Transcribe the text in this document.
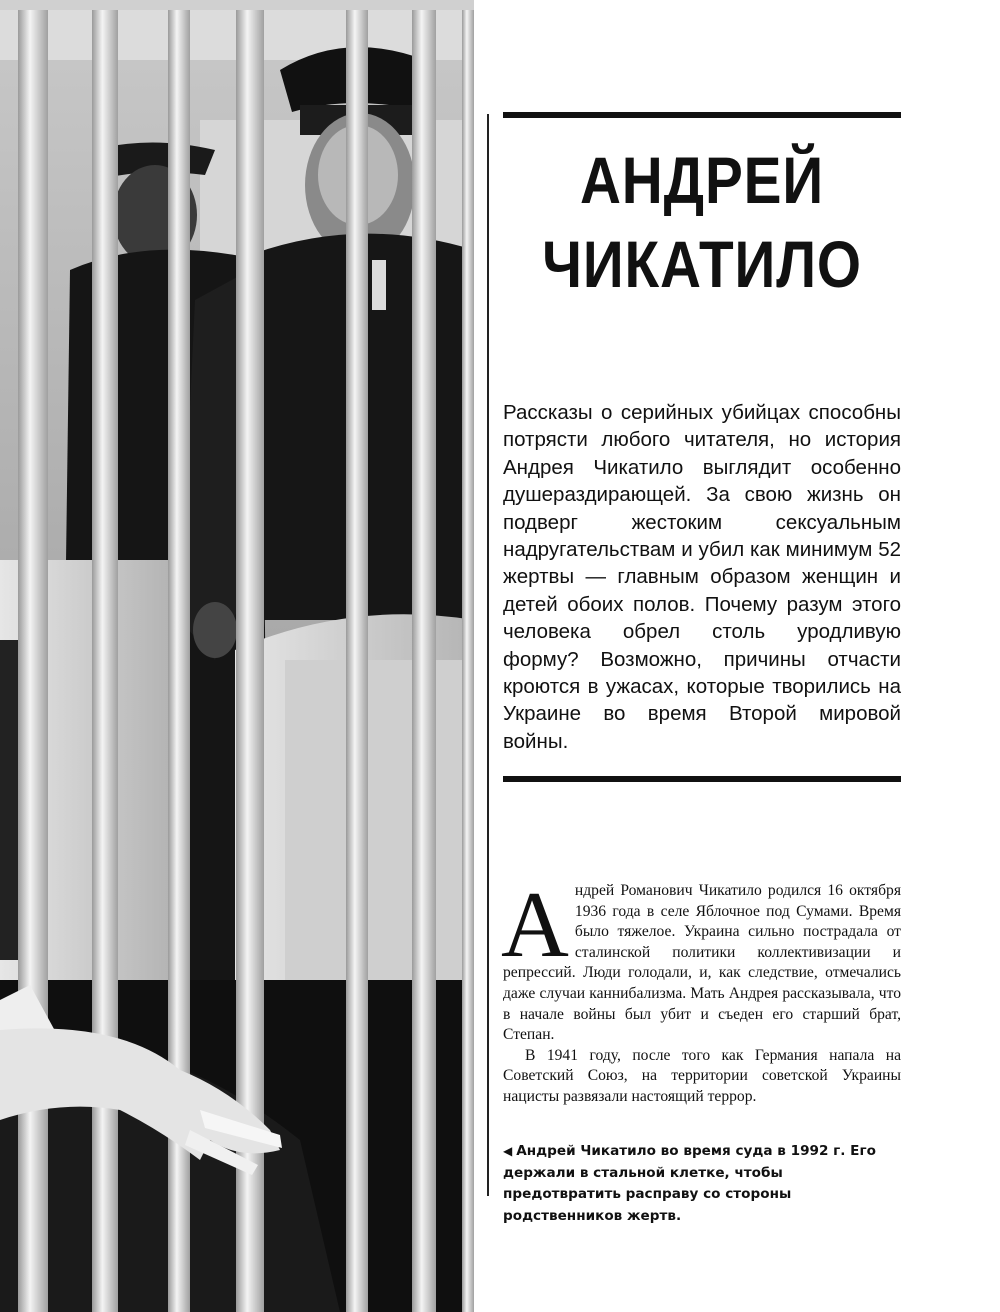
АНДРЕЙ
ЧИКАТИЛО

Рассказы о серийных убийцах способны потрясти любого читателя, но история Андрея Чикатило выглядит особенно душераздирающей. За свою жизнь он подверг жестоким сексуальным надругательствам и убил как минимум 52 жертвы — главным образом женщин и детей обоих полов. Почему разум этого человека обрел столь уродливую форму? Возможно, причины отчасти кроются в ужасах, которые творились на Украине во время Второй мировой войны.

Андрей Романович Чикатило родился 16 октября 1936 года в селе Яблочное под Сумами. Время было тяжелое. Украина сильно пострадала от сталинской политики коллективизации и репрессий. Люди голодали, и, как следствие, отмечались даже случаи каннибализма. Мать Андрея рассказывала, что в начале войны был убит и съеден его старший брат, Степан.

В 1941 году, после того как Германия напала на Советский Союз, на территории советской Украины нацисты развязали настоящий террор.

◀ Андрей Чикатило во время суда в 1992 г. Его держали в стальной клетке, чтобы предотвратить расправу со стороны родственников жертв.
